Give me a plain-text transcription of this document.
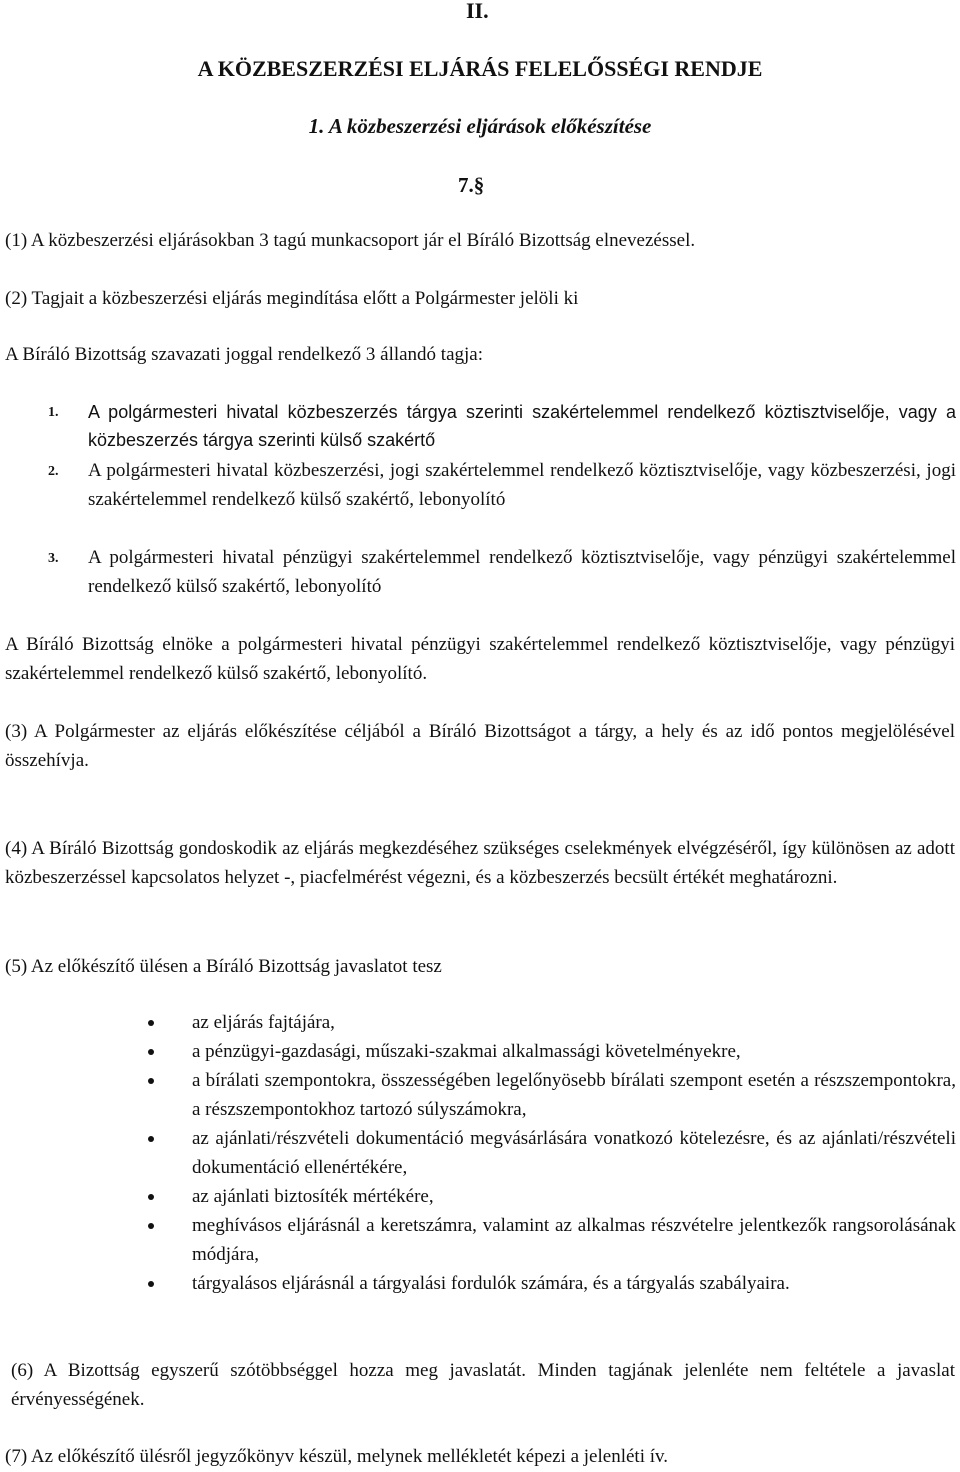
II.
A KÖZBESZERZÉSI ELJÁRÁS FELELŐSSÉGI RENDJE
1. A közbeszerzési eljárások előkészítése
7.§
(1) A közbeszerzési eljárásokban 3 tagú munkacsoport jár el Bíráló Bizottság elnevezéssel.
(2) Tagjait a közbeszerzési eljárás megindítása előtt a Polgármester jelöli ki
A Bíráló Bizottság szavazati joggal rendelkező 3 állandó tagja:
1. A polgármesteri hivatal közbeszerzés tárgya szerinti szakértelemmel rendelkező köztisztviselője, vagy a közbeszerzés tárgya szerinti külső szakértő
2. A polgármesteri hivatal közbeszerzési, jogi szakértelemmel rendelkező köztisztviselője, vagy közbeszerzési, jogi szakértelemmel rendelkező külső szakértő, lebonyolító
3. A polgármesteri hivatal pénzügyi szakértelemmel rendelkező köztisztviselője, vagy pénzügyi szakértelemmel rendelkező külső szakértő, lebonyolító
A Bíráló Bizottság elnöke a polgármesteri hivatal pénzügyi szakértelemmel rendelkező köztisztviselője, vagy pénzügyi szakértelemmel rendelkező külső szakértő, lebonyolító.
(3) A Polgármester az eljárás előkészítése céljából a Bíráló Bizottságot a tárgy, a hely és az idő pontos megjelölésével összehívja.
(4) A Bíráló Bizottság gondoskodik az eljárás megkezdéséhez szükséges cselekmények elvégzéséről, így különösen az adott közbeszerzéssel kapcsolatos helyzet -, piacfelmérést végezni, és a közbeszerzés becsült értékét meghatározni.
(5) Az előkészítő ülésen a Bíráló Bizottság javaslatot tesz
az eljárás fajtájára,
a pénzügyi-gazdasági, műszaki-szakmai alkalmassági követelményekre,
a bírálati szempontokra, összességében legelőnyösebb bírálati szempont esetén a részszempontokra, a részszempontokhoz tartozó súlyszámokra,
az ajánlati/részvételi dokumentáció megvásárlására vonatkozó kötelezésre, és az ajánlati/részvételi dokumentáció ellenértékére,
az ajánlati biztosíték mértékére,
meghívásos eljárásnál a keretszámra, valamint az alkalmas részvételre jelentkezők rangsorolásának módjára,
tárgyalásos eljárásnál a tárgyalási fordulók számára, és a tárgyalás szabályaira.
(6) A Bizottság egyszerű szótöbbséggel hozza meg javaslatát. Minden tagjának jelenléte nem feltétele a javaslat érvényességének.
(7) Az előkészítő ülésről jegyzőkönyv készül, melynek mellékletét képezi a jelenléti ív.
